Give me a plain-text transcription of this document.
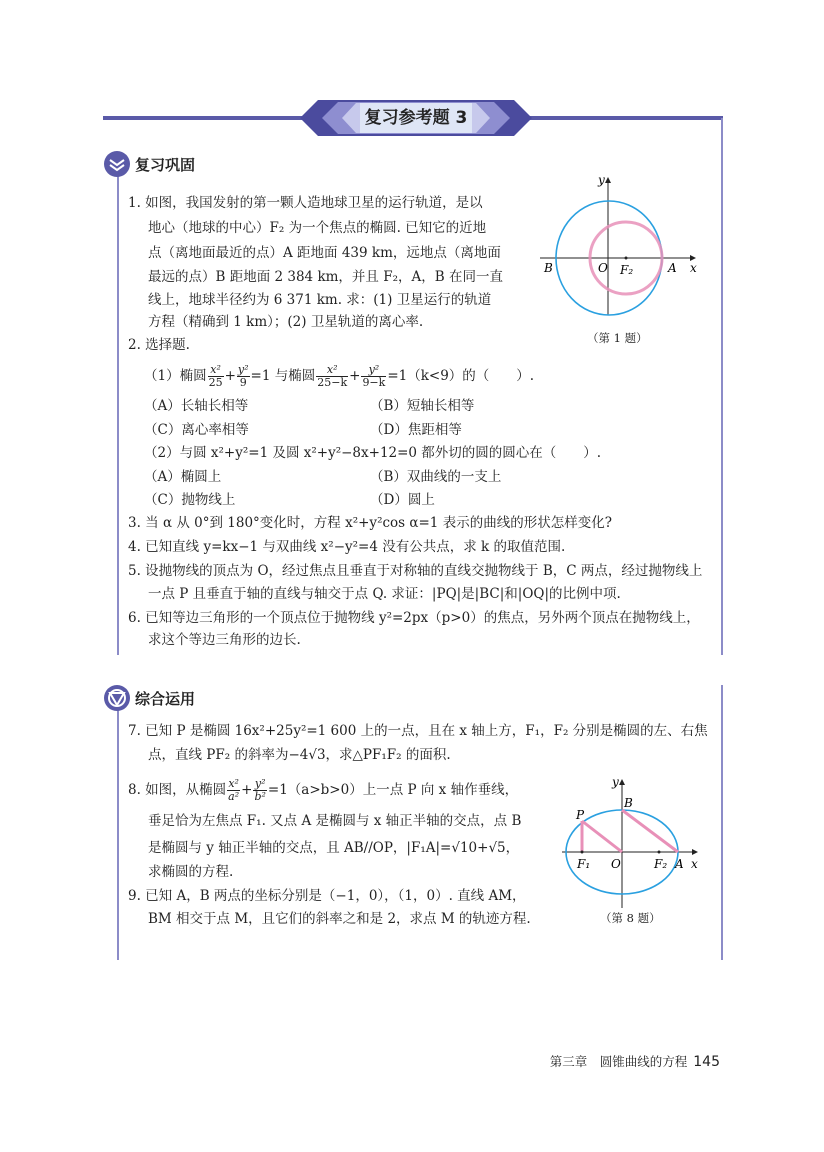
复习参考题 3
复习巩固
1. 如图，我国发射的第一颗人造地球卫星的运行轨道，是以
地心（地球的中心）F₂ 为一个焦点的椭圆. 已知它的近地
点（离地面最近的点）A 距地面 439 km，远地点（离地面
最远的点）B 距地面 2 384 km，并且 F₂，A，B 在同一直
线上，地球半径约为 6 371 km. 求：(1) 卫星运行的轨道
方程（精确到 1 km）；(2) 卫星轨道的离心率.
2. 选择题.
（1）椭圆 $\frac{\text{x²}}{25} + \frac{\text{y²}}{9} =1$ 与椭圆 $\frac{\text{x²}}{25-k} + \frac{\text{y²}}{9-k} =1(k<9)$的（　　）.
（A）长轴长相等	（B）短轴长相等
（C）离心率相等	（D）焦距相等
（2）与圆 x²+y²=1 及圆 x²+y²−8x+12=0 都外切的圆的圆心在（　　）.
（A）椭圆上	（B）双曲线的一支上
（C）抛物线上	（D）圆上
3. 当 α 从 0°到 180°变化时，方程 x²+y²cos α=1 表示的曲线的形状怎样变化?
4. 已知直线 y=kx−1 与双曲线 x²−y²=4 没有公共点，求 k 的取值范围.
5. 设抛物线的顶点为 O，经过焦点且垂直于对称轴的直线交抛物线于 B，C 两点，经过抛物线上
一点 P 且垂直于轴的直线与轴交于点 Q. 求证：|PQ|是|BC|和|OQ|的比例中项.
6. 已知等边三角形的一个顶点位于抛物线 y²=2px（p>0）的焦点，另外两个顶点在抛物线上，
求这个等边三角形的边长.
B	O F₂	A x
y
（第 1 题）
综合运用
7. 已知 P 是椭圆 16x²+25y²=1 600 上的一点，且在 x 轴上方，F₁，F₂ 分别是椭圆的左、右焦
点，直线 PF₂ 的斜率为−4√3，求△PF₁F₂ 的面积.
8. 如图，从椭圆 $\frac{\text{x²}}{\text{a²}} + \frac{\text{y²}}{\text{b²}} =1(a>b>0)$上一点 P 向 x 轴作垂线，
垂足恰为左焦点 F₁. 又点 A 是椭圆与 x 轴正半轴的交点，点 B
是椭圆与 y 轴正半轴的交点，且 AB//OP，|F₁A|=√10+√5，
求椭圆的方程.
9. 已知 A，B 两点的坐标分别是（−1，0），（1，0）. 直线 AM，
BM 相交于点 M，且它们的斜率之和是 2，求点 M 的轨迹方程.
P
B
F₁ O	F₂ A x
y
（第 8 题）
第三章　圆锥曲线的方程 145
